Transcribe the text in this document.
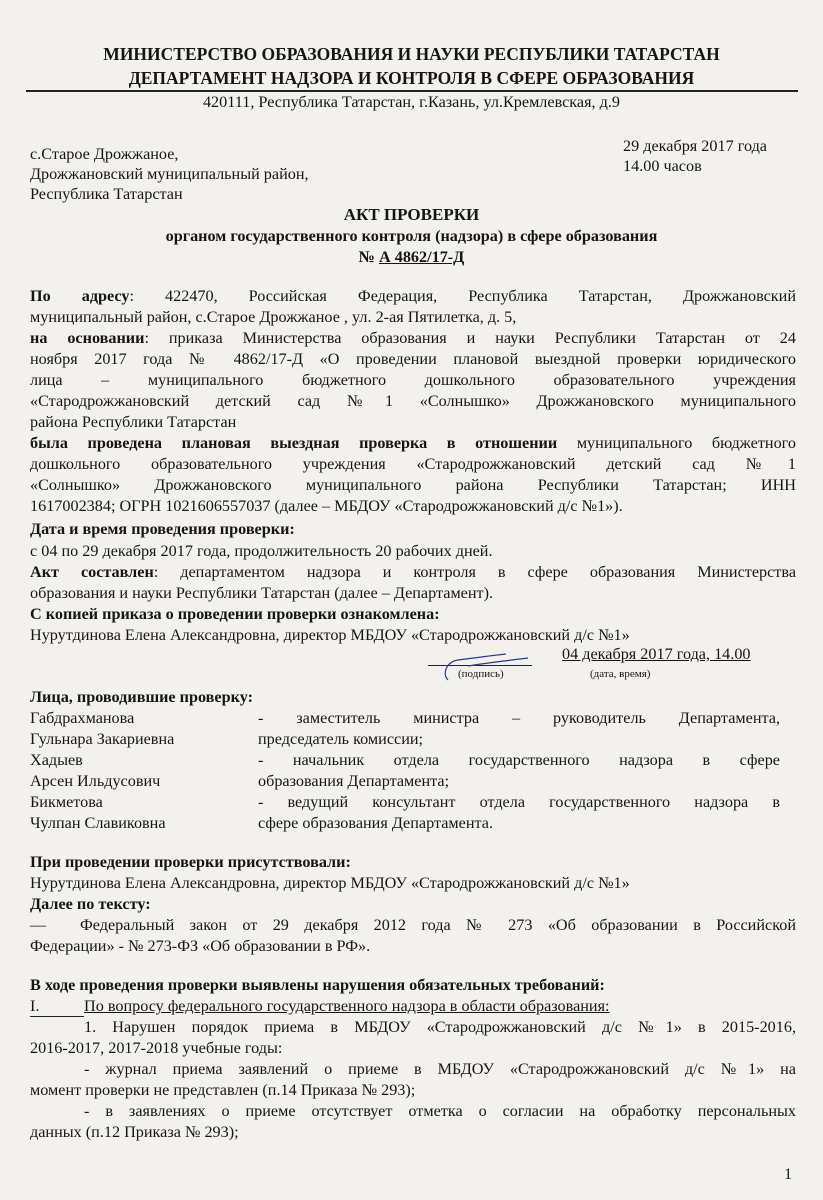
МИНИСТЕРСТВО ОБРАЗОВАНИЯ И НАУКИ РЕСПУБЛИКИ ТАТАРСТАН
ДЕПАРТАМЕНТ НАДЗОРА И КОНТРОЛЯ В СФЕРЕ ОБРАЗОВАНИЯ
420111, Республика Татарстан, г.Казань, ул.Кремлевская, д.9
с.Старое Дрожжаное,
Дрожжановский муниципальный район,
Республика Татарстан
29 декабря 2017 года
14.00 часов
АКТ ПРОВЕРКИ
органом государственного контроля (надзора) в сфере образования
№ А 4862/17-Д
По адресу: 422470, Российская Федерация, Республика Татарстан, Дрожжановский
муниципальный район, с.Старое Дрожжаное , ул. 2-ая Пятилетка, д. 5,
на основании: приказа Министерства образования и науки Республики Татарстан от 24
ноября 2017 года № 4862/17-Д «О проведении плановой выездной проверки юридического
лица – муниципального бюджетного дошкольного образовательного учреждения
«Стародрожжановский детский сад №1 «Солнышко» Дрожжановского муниципального
района Республики Татарстан
была проведена плановая выездная проверка в отношении муниципального бюджетного
дошкольного образовательного учреждения «Стародрожжановский детский сад №1
«Солнышко» Дрожжановского муниципального района Республики Татарстан; ИНН
1617002384; ОГРН 1021606557037 (далее – МБДОУ «Стародрожжановский д/с №1»).
Дата и время проведения проверки:
с 04 по 29 декабря 2017 года, продолжительность 20 рабочих дней.
Акт составлен: департаментом надзора и контроля в сфере образования Министерства
образования и науки Республики Татарстан (далее – Департамент).
С копией приказа о проведении проверки ознакомлена:
Нурутдинова Елена Александровна, директор МБДОУ «Стародрожжановский д/с №1»
04 декабря 2017 года, 14.00
(подпись)	(дата, время)
Лица, проводившие проверку:
Габдрахманова
Гульнара Закариевна
- заместитель министра – руководитель Департамента,
председатель комиссии;
Хадыев
Арсен Ильдусович
- начальник отдела государственного надзора в сфере
образования Департамента;
Бикметова
Чулпан Славиковна
- ведущий консультант отдела государственного надзора в
сфере образования Департамента.
При проведении проверки присутствовали:
Нурутдинова Елена Александровна, директор МБДОУ «Стародрожжановский д/с №1»
Далее по тексту:
— Федеральный закон от 29 декабря 2012 года № 273 «Об образовании в Российской
Федерации» - № 273-ФЗ «Об образовании в РФ».
В ходе проведения проверки выявлены нарушения обязательных требований:
I.	По вопросу федерального государственного надзора в области образования:
1. Нарушен порядок приема в МБДОУ «Стародрожжановский д/с №1» в 2015-2016,
2016-2017, 2017-2018 учебные годы:
- журнал приема заявлений о приеме в МБДОУ «Стародрожжановский д/с №1» на
момент проверки не представлен (п.14 Приказа № 293);
- в заявлениях о приеме отсутствует отметка о согласии на обработку персональных
данных (п.12 Приказа № 293);
1
